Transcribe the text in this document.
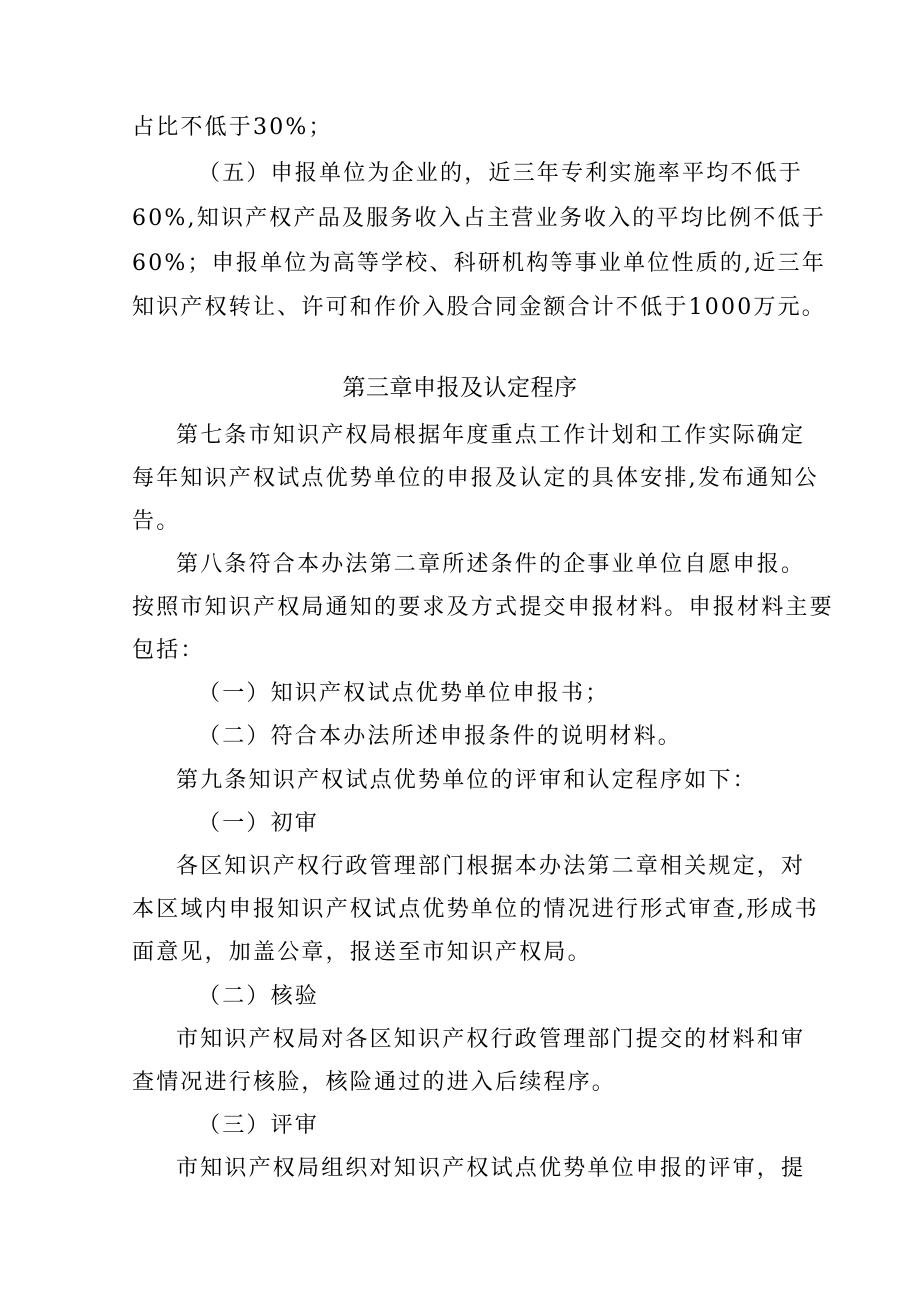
占比不低于30%；
（五）申报单位为企业的，近三年专利实施率平均不低于
60%,知识产权产品及服务收入占主营业务收入的平均比例不低于
60%；申报单位为高等学校、科研机构等事业单位性质的,近三年
知识产权转让、许可和作价入股合同金额合计不低于1000万元。
第三章申报及认定程序
第七条市知识产权局根据年度重点工作计划和工作实际确定
每年知识产权试点优势单位的申报及认定的具体安排,发布通知公
告。
第八条符合本办法第二章所述条件的企事业单位自愿申报。
按照市知识产权局通知的要求及方式提交申报材料。申报材料主要
包括：
（一）知识产权试点优势单位申报书；
（二）符合本办法所述申报条件的说明材料。
第九条知识产权试点优势单位的评审和认定程序如下：
（一）初审
各区知识产权行政管理部门根据本办法第二章相关规定，对
本区域内申报知识产权试点优势单位的情况进行形式审查,形成书
面意见，加盖公章，报送至市知识产权局。
（二）核验
市知识产权局对各区知识产权行政管理部门提交的材料和审
查情况进行核脸，核险通过的进入后续程序。
（三）评审
市知识产权局组织对知识产权试点优势单位申报的评审，提
